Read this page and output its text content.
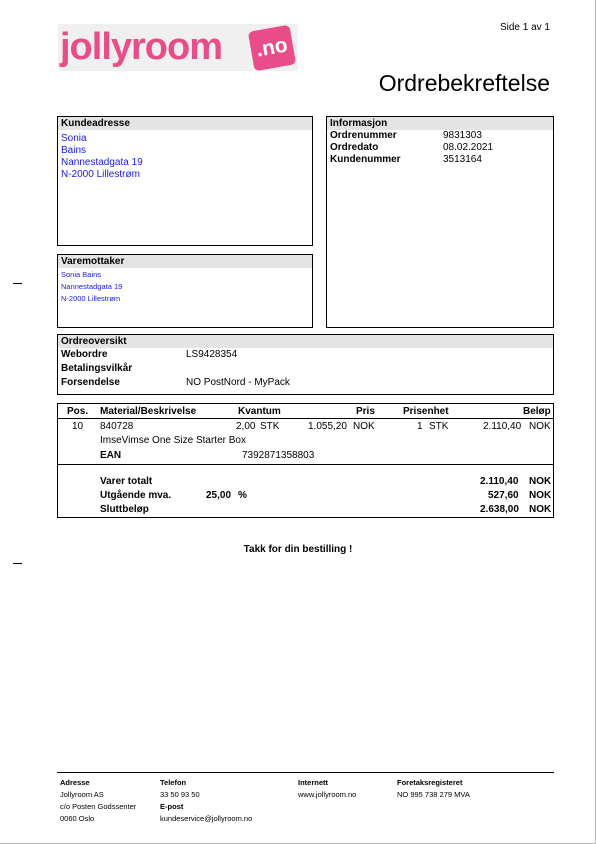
jollyroom	.no
Side 1 av 1
Ordrebekreftelse
Kundeadresse
Sonia
Bains
Nannestadgata 19
N-2000 Lillestrøm
Varemottaker
Sonia Bains
Nannestadgata 19
N-2000 Lillestrøm
Informasjon
Ordrenummer	9831303
Ordredato	08.02.2021
Kundenummer	3513164
Ordreoversikt
Webordre	LS9428354
Betalingsvilkår
Forsendelse	NO PostNord - MyPack
Pos. Material/Beskrivelse	Kvantum	Pris	Prisenhet	Beløp
10 840728	2,00 STK	1.055,20 NOK	1 STK	2.110,40 NOK
ImseVimse One Size Starter Box
EAN	7392871358803
Varer totalt	2.110,40 NOK
Utgående mva.	25,00 %	527,60 NOK
Sluttbeløp	2.638,00 NOK
Takk for din bestilling !
Adresse
Jollyroom AS
c/o Posten Godssenter
0060 Oslo
Telefon
33 50 93 50
E-post
kundeservice@jollyroom.no
Internett
www.jollyroom.no
Foretaksregisteret
NO 995 738 279 MVA
